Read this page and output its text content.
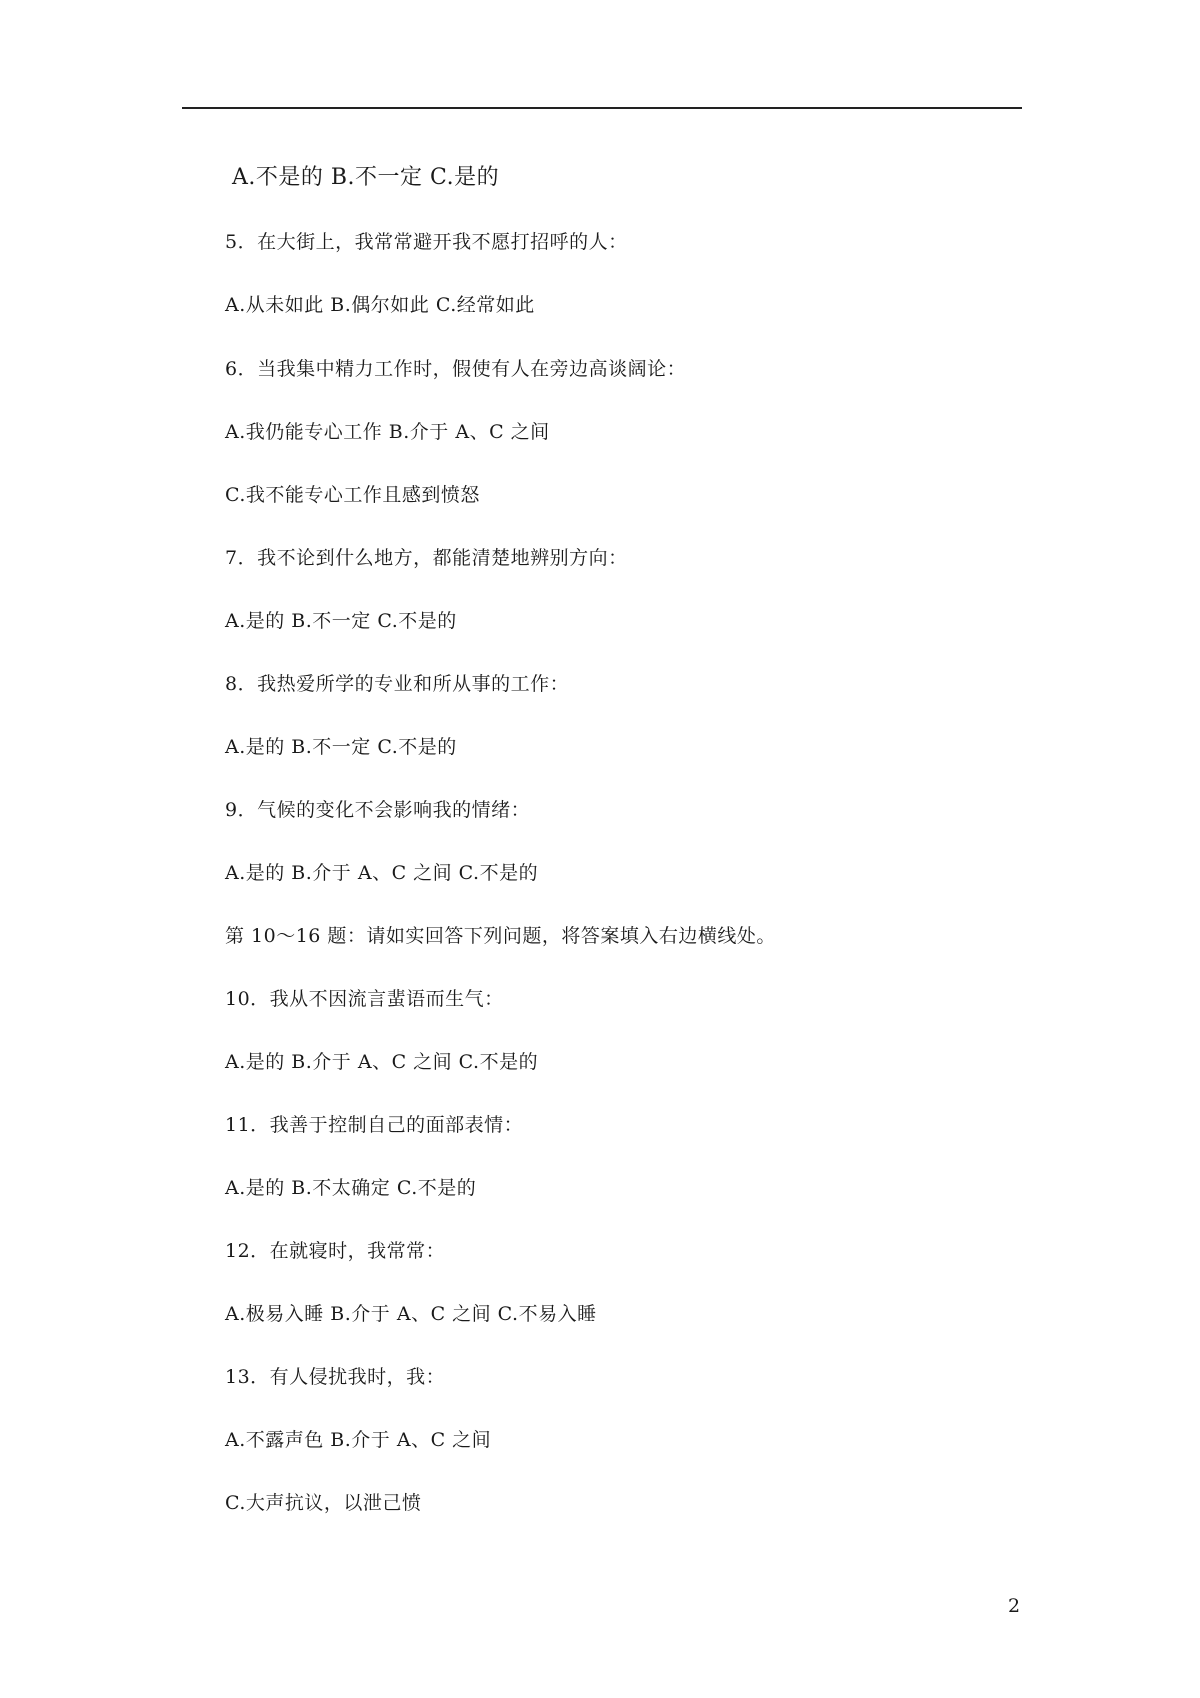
A.不是的 B.不一定 C.是的
5．在大街上，我常常避开我不愿打招呼的人：
A.从未如此 B.偶尔如此 C.经常如此
6．当我集中精力工作时，假使有人在旁边高谈阔论：
A.我仍能专心工作 B.介于 A、C 之间
C.我不能专心工作且感到愤怒
7．我不论到什么地方，都能清楚地辨别方向：
A.是的 B.不一定 C.不是的
8．我热爱所学的专业和所从事的工作：
A.是的 B.不一定 C.不是的
9．气候的变化不会影响我的情绪：
A.是的 B.介于 A、C 之间 C.不是的
第 10～16 题：请如实回答下列问题，将答案填入右边横线处。
10．我从不因流言蜚语而生气：
A.是的 B.介于 A、C 之间 C.不是的
11．我善于控制自己的面部表情：
A.是的 B.不太确定 C.不是的
12．在就寝时，我常常：
A.极易入睡 B.介于 A、C 之间 C.不易入睡
13．有人侵扰我时，我：
A.不露声色 B.介于 A、C 之间
C.大声抗议，以泄己愤
2
